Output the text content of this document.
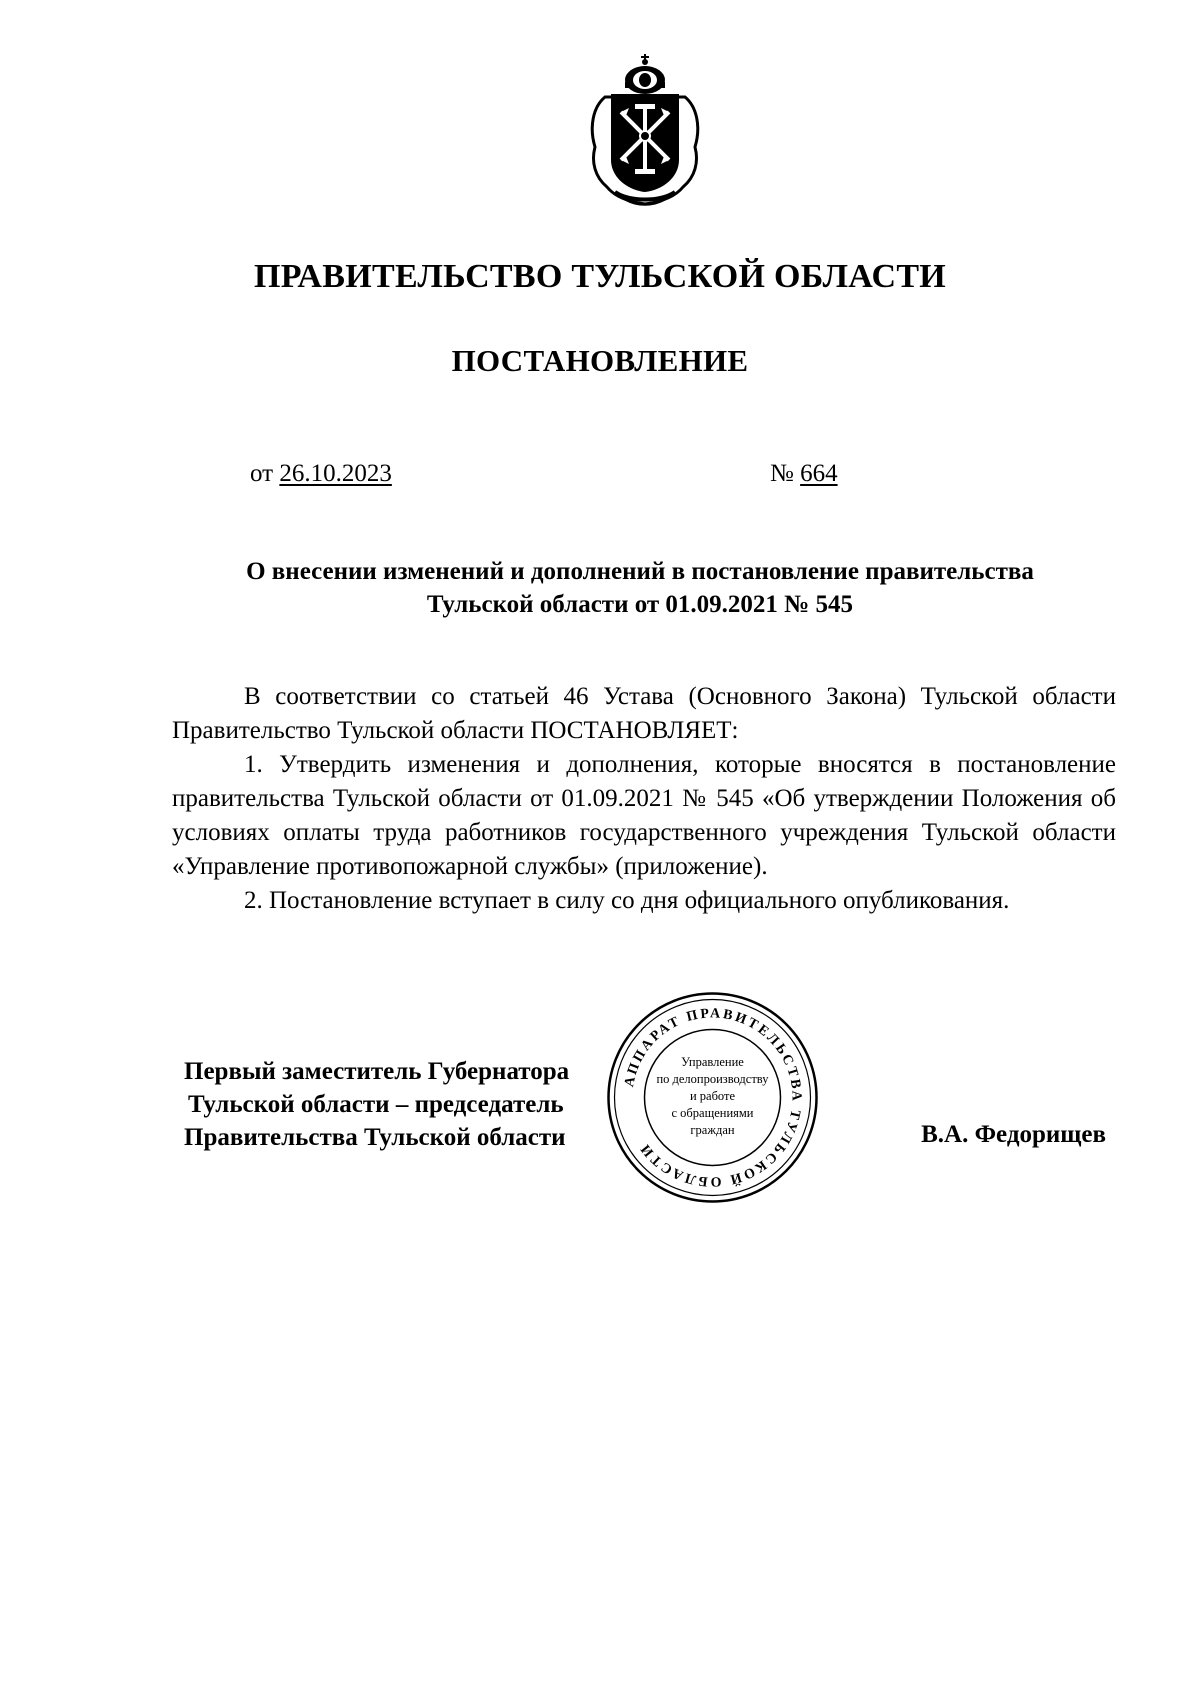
ПРАВИТЕЛЬСТВО ТУЛЬСКОЙ ОБЛАСТИ
ПОСТАНОВЛЕНИЕ
от 26.10.2023	№ 664
О внесении изменений и дополнений в постановление правительства
Тульской области от 01.09.2021 № 545

В соответствии со статьей 46 Устава (Основного Закона) Тульской области Правительство Тульской области ПОСТАНОВЛЯЕТ:

1. Утвердить изменения и дополнения, которые вносятся в постановление правительства Тульской области от 01.09.2021 № 545 «Об утверждении Положения об условиях оплаты труда работников государственного учреждения Тульской области «Управление противопожарной службы» (приложение).

2. Постановление вступает в силу со дня официального опубликования.

Первый заместитель Губернатора
Тульской области – председатель
Правительства Тульской области	В.А. Федорищев
АППАРАТ ПРАВИТЕЛЬСТВА ТУЛЬСКОЙ ОБЛАСТИ
Управление
по делопроизводству
и работе
с обращениями
граждан
